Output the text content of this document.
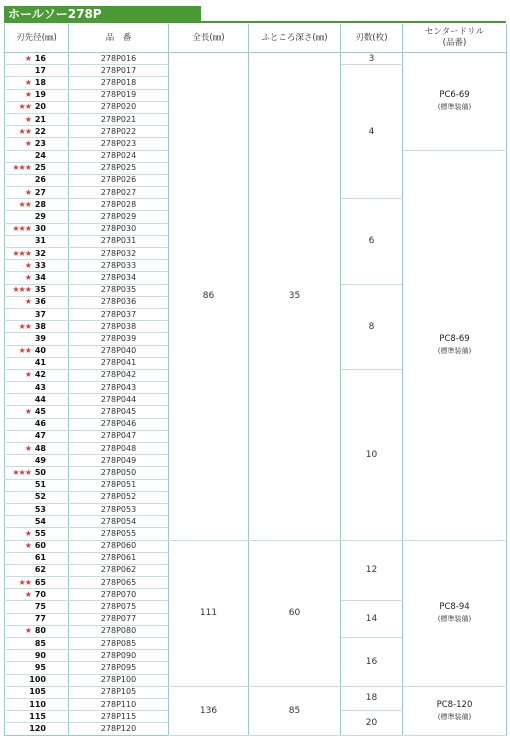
ホールソー278P
刃先径(㎜)	品　番	全長(㎜)	ふところ深さ(㎜)	刃数(枚)	センタードリル
(品番)
★ 16	278P016	86	35	3	PC6-69
(標準装備)

17	278P017			4	
★ 18	278P018				
★ 19	278P019				
★★ 20	278P020				
★ 21	278P021				
★★ 22	278P022				
★ 23	278P023				
24	278P024				PC8-69
(標準装備)

★★★ 25	278P025				
26	278P026				
★ 27	278P027				
★★ 28	278P028			6	
29	278P029				
★★★ 30	278P030				
31	278P031				
★★★ 32	278P032				
★ 33	278P033				
★ 34	278P034				
★★★ 35	278P035			8	
★ 36	278P036				
37	278P037				
★★ 38	278P038				
39	278P039				
★★ 40	278P040				
41	278P041				
★ 42	278P042			10	
43	278P043				
44	278P044				
★ 45	278P045				
46	278P046				
47	278P047				
★ 48	278P048				
49	278P049				
★★★ 50	278P050				
51	278P051				
52	278P052				
53	278P053				
54	278P054				
★ 55	278P055				
★ 60	278P060	111	60	12	PC8-94
(標準装備)

61	278P061				
62	278P062				
★★ 65	278P065				
★ 70	278P070				
75	278P075			14	
77	278P077				
★ 80	278P080				
85	278P085			16	
90	278P090				
95	278P095				
100	278P100				
105	278P105	136	85	18	PC8-120
(標準装備)

110	278P110				
115	278P115			20	
120	278P120				
